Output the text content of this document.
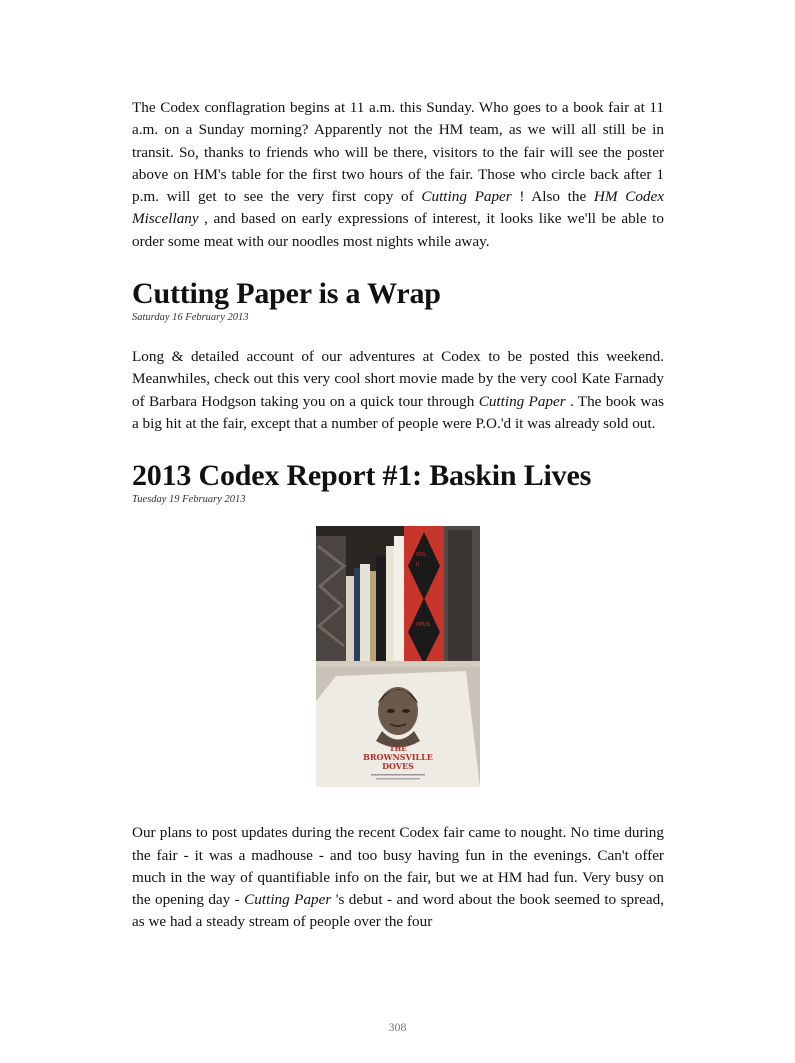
The Codex conflagration begins at 11 a.m. this Sunday. Who goes to a book fair at 11 a.m. on a Sunday morning? Apparently not the HM team, as we will all still be in transit. So, thanks to friends who will be there, visitors to the fair will see the poster above on HM's table for the first two hours of the fair. Those who circle back after 1 p.m. will get to see the very first copy of Cutting Paper ! Also the HM Codex Miscellany , and based on early expressions of interest, it looks like we'll be able to order some meat with our noodles most nights while away.

Cutting Paper is a Wrap
Saturday 16 February 2013

Long & detailed account of our adventures at Codex to be posted this weekend. Meanwhiles, check out this very cool short movie made by the very cool Kate Farnady of Barbara Hodgson taking you on a quick tour through Cutting Paper . The book was a big hit at the fair, except that a number of people were P.O.'d it was already sold out.

2013 Codex Report #1: Baskin Lives
Tuesday 19 February 2013
VOL
II
OPUS
THE
BROWNSVILLE
DOVES

Our plans to post updates during the recent Codex fair came to nought. No time during the fair - it was a madhouse - and too busy having fun in the evenings. Can't offer much in the way of quantifiable info on the fair, but we at HM had fun. Very busy on the opening day - Cutting Paper 's debut - and word about the book seemed to spread, as we had a steady stream of people over the four

308
